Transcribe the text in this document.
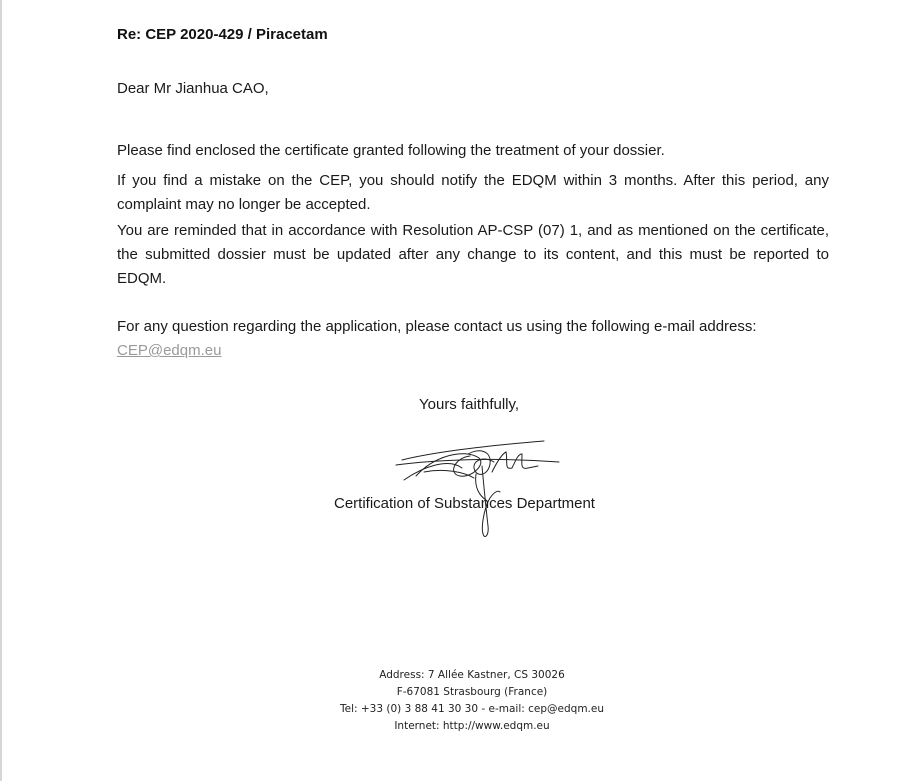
Re: CEP 2020-429 / Piracetam
Dear Mr Jianhua CAO,

Please find enclosed the certificate granted following the treatment of your dossier.

If you find a mistake on the CEP, you should notify the EDQM within 3 months. After this period, any complaint may no longer be accepted.

You are reminded that in accordance with Resolution AP-CSP (07) 1, and as mentioned on the certificate, the submitted dossier must be updated after any change to its content, and this must be reported to EDQM.

For any question regarding the application, please contact us using the following e-mail address:
CEP@edqm.eu

Yours faithfully,
Certification of Substances Department
Address: 7 Allée Kastner, CS 30026
F-67081 Strasbourg (France)
Tel: +33 (0) 3 88 41 30 30 - e-mail: cep@edqm.eu
Internet: http://www.edqm.eu
